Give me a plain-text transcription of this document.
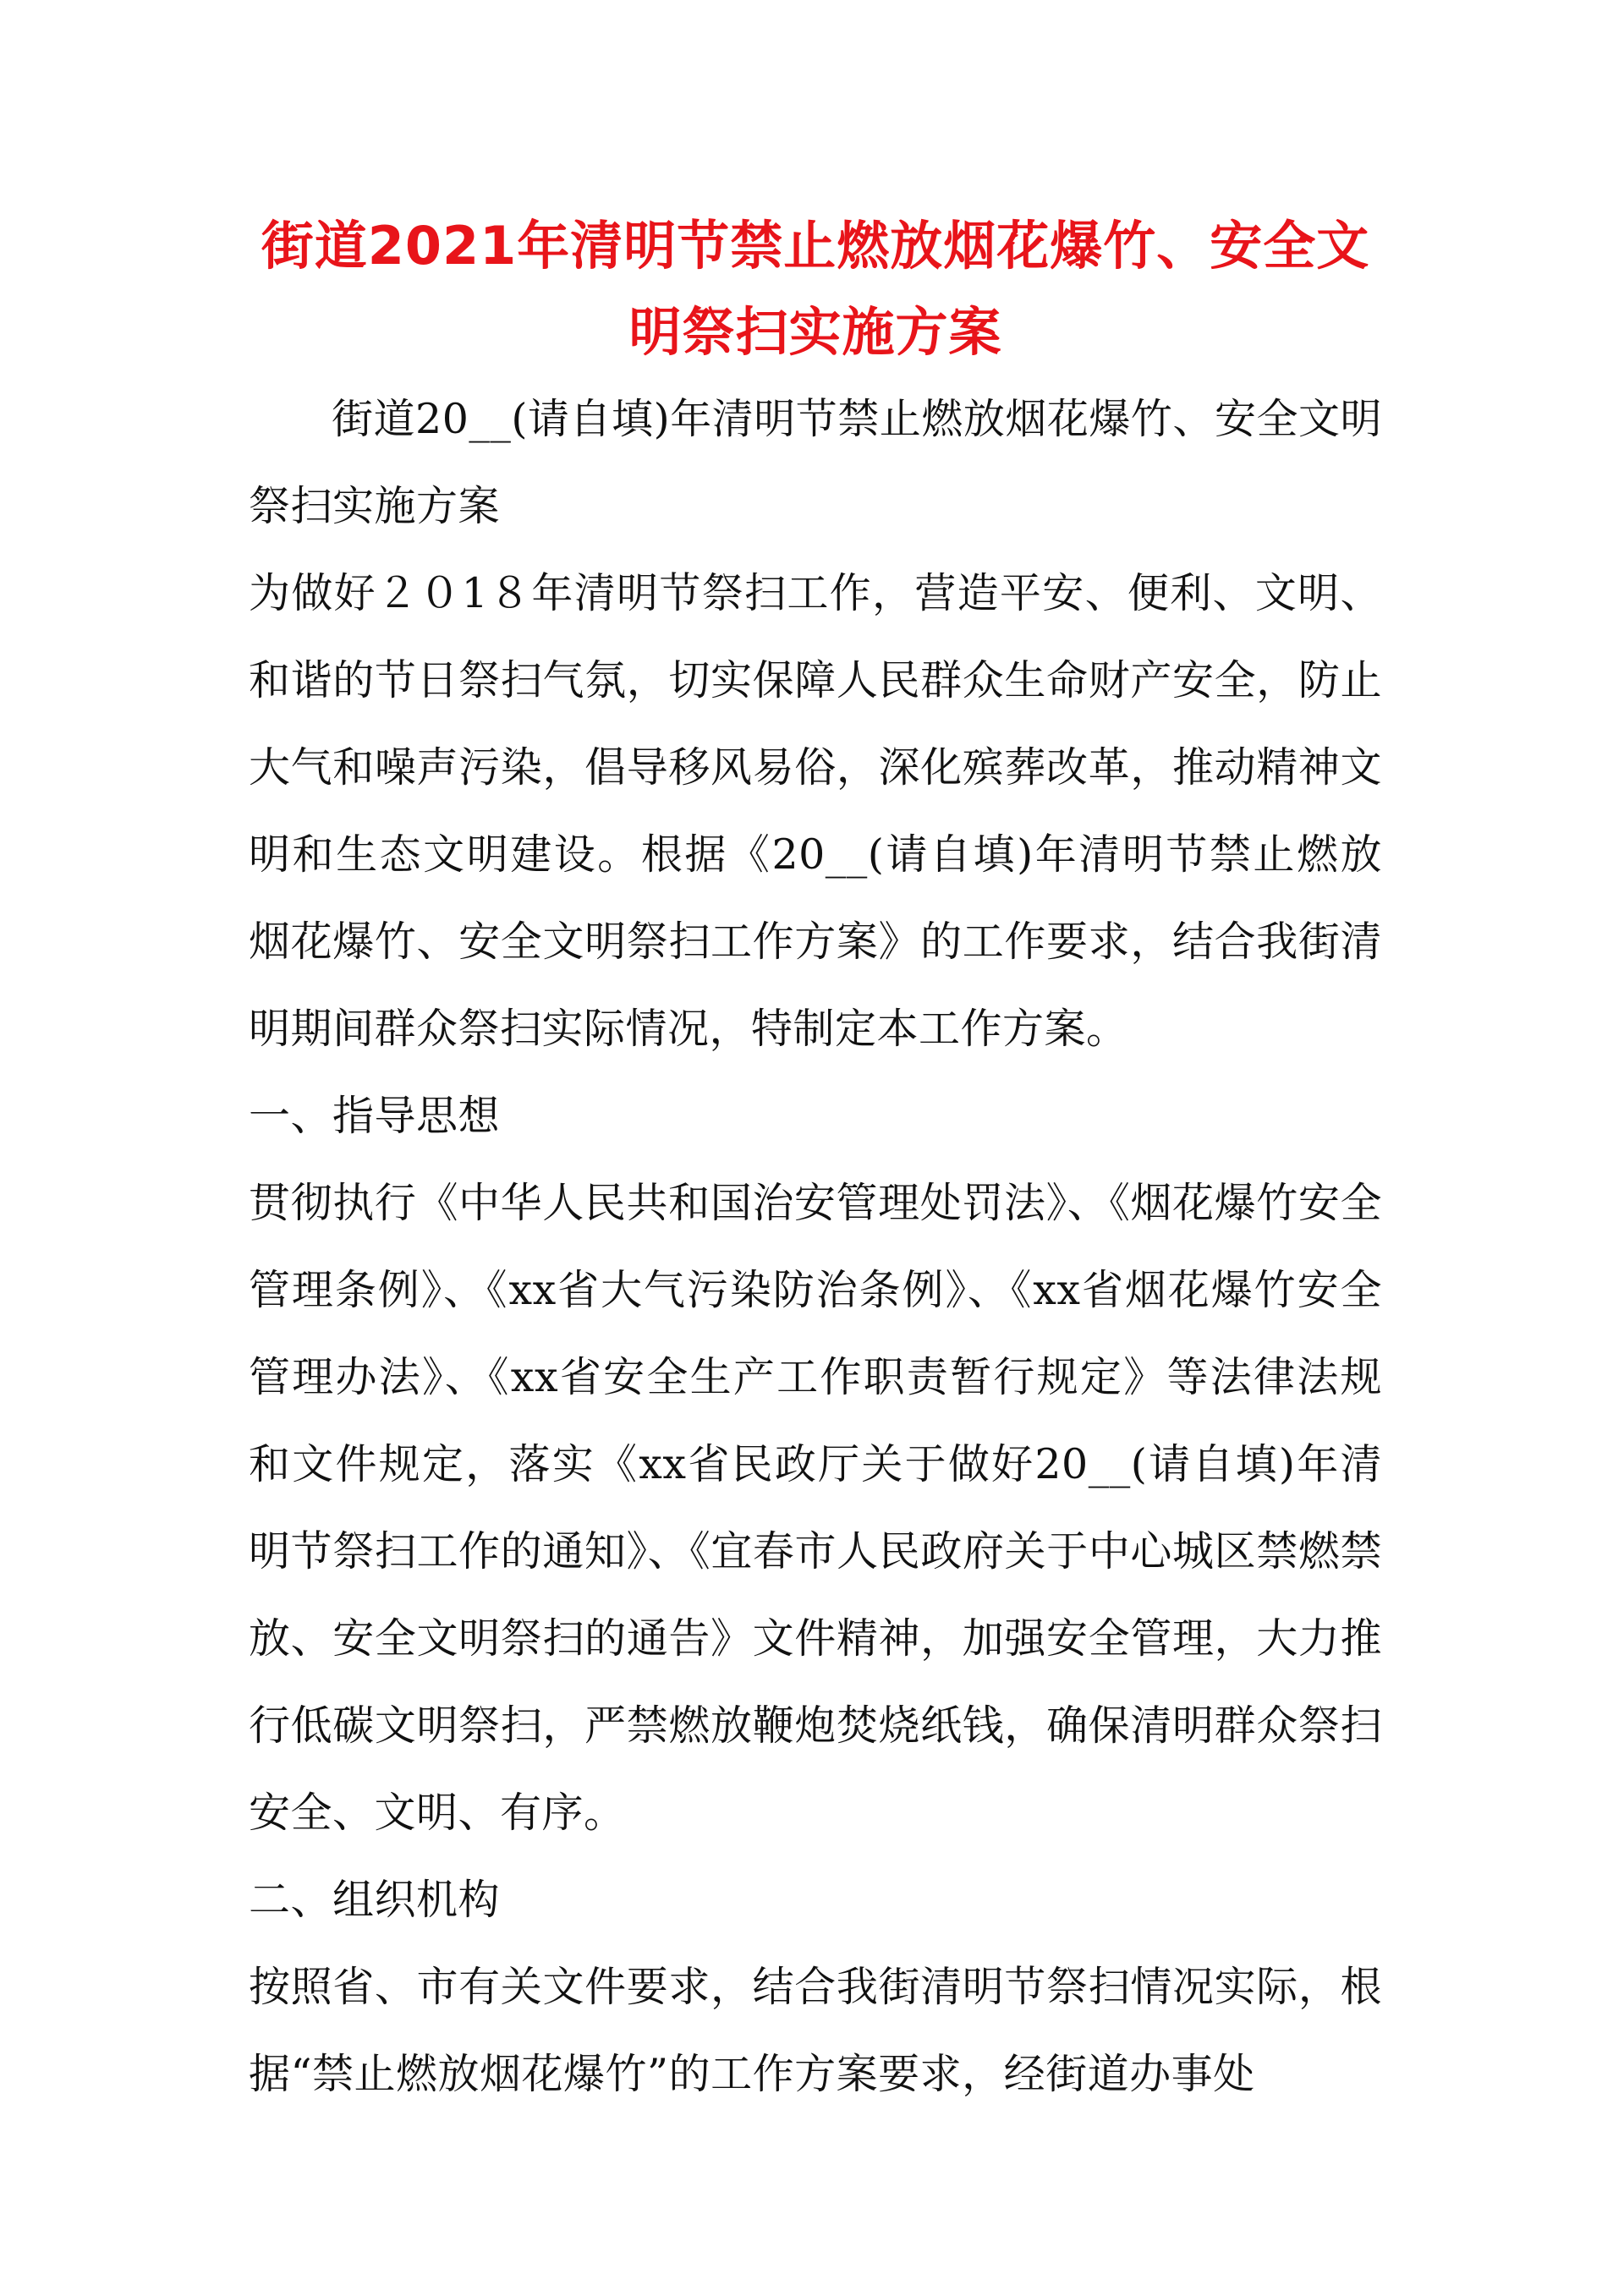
街道2021年清明节禁止燃放烟花爆竹、安全文
明祭扫实施方案

街道20__(请自填)年清明节禁止燃放烟花爆竹、安全文明祭扫实施方案

为做好２０1８年清明节祭扫工作，营造平安、便利、文明、和谐的节日祭扫气氛，切实保障人民群众生命财产安全，防止大气和噪声污染，倡导移风易俗，深化殡葬改革，推动精神文明和生态文明建设。根据《20__(请自填)年清明节禁止燃放烟花爆竹、安全文明祭扫工作方案》的工作要求，结合我街清明期间群众祭扫实际情况，特制定本工作方案。

一、指导思想

贯彻执行《中华人民共和国治安管理处罚法》、《烟花爆竹安全管理条例》、《xx省大气污染防治条例》、《xx省烟花爆竹安全管理办法》、《xx省安全生产工作职责暂行规定》等法律法规和文件规定，落实《xx省民政厅关于做好20__(请自填)年清明节祭扫工作的通知》、《宜春市人民政府关于中心城区禁燃禁放、安全文明祭扫的通告》文件精神，加强安全管理，大力推行低碳文明祭扫，严禁燃放鞭炮焚烧纸钱，确保清明群众祭扫安全、文明、有序。

二、组织机构

按照省、市有关文件要求，结合我街清明节祭扫情况实际，根据“禁止燃放烟花爆竹”的工作方案要求，经街道办事处
